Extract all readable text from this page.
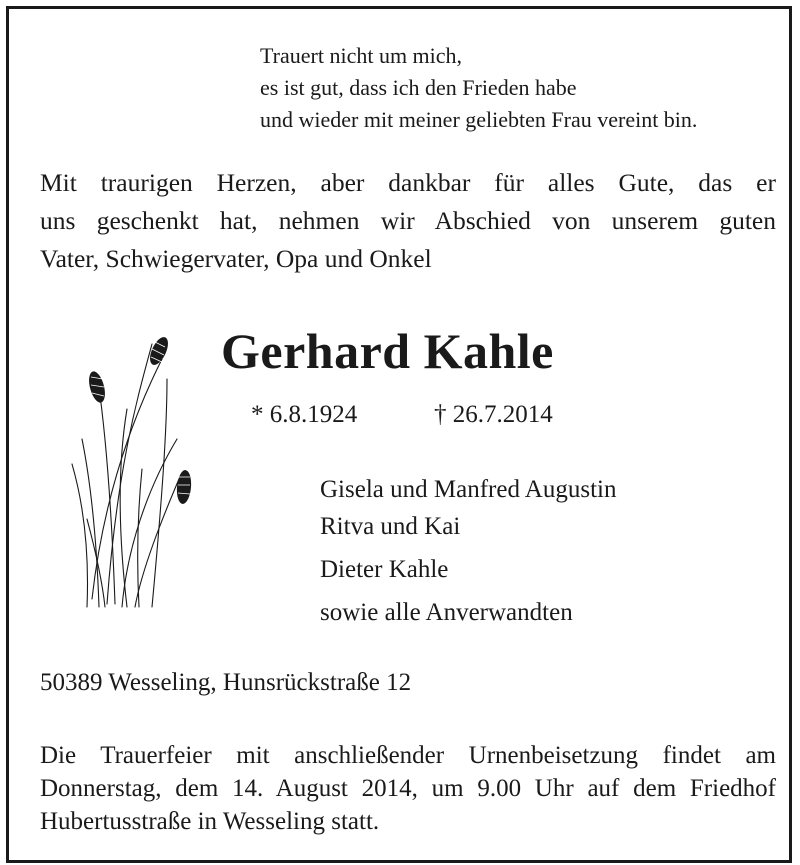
Trauert nicht um mich,
es ist gut, dass ich den Frieden habe
und wieder mit meiner geliebten Frau vereint bin.
Mit traurigen Herzen, aber dankbar für alles Gute, das er
uns geschenkt hat, nehmen wir Abschied von unserem guten
Vater, Schwiegervater, Opa und Onkel
Gerhard Kahle
* 6.8.1924	† 26.7.2014
Gisela und Manfred Augustin
Ritva und Kai
Dieter Kahle
sowie alle Anverwandten
50389 Wesseling, Hunsrückstraße 12
Die Trauerfeier mit anschließender Urnenbeisetzung findet am
Donnerstag, dem 14. August 2014, um 9.00 Uhr auf dem Friedhof
Hubertusstraße in Wesseling statt.
